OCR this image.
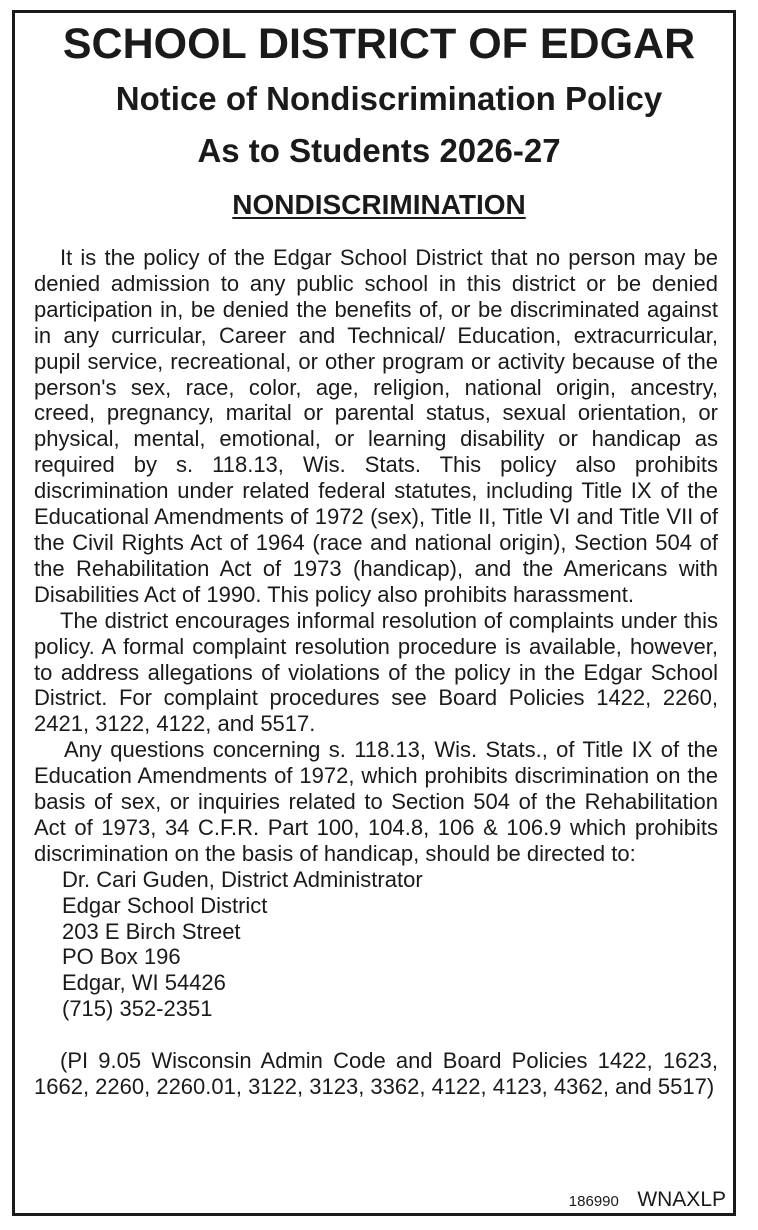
SCHOOL DISTRICT OF EDGAR
Notice of Nondiscrimination Policy
As to Students 2026-27
NONDISCRIMINATION

It is the policy of the Edgar School District that no person may be denied admission to any public school in this district or be denied participation in, be denied the benefits of, or be discriminated against in any curricular, Career and Technical/ Education, extracurricular, pupil service, recreational, or other program or activity because of the person's sex, race, color, age, religion, national origin, ancestry, creed, pregnancy, marital or parental status, sexual orientation, or physical, mental, emotional, or learning disability or handicap as required by s. 118.13, Wis. Stats. This policy also prohibits discrimination under related federal statutes, including Title IX of the Educational Amendments of 1972 (sex), Title II, Title VI and Title VII of the Civil Rights Act of 1964 (race and national origin), Section 504 of the Rehabilitation Act of 1973 (handicap), and the Americans with Disabilities Act of 1990. This policy also prohibits harassment.

The district encourages informal resolution of complaints under this policy. A formal complaint resolution procedure is available, however, to address allegations of violations of the policy in the Edgar School District. For complaint procedures see Board Policies 1422, 2260, 2421, 3122, 4122, and 5517.

Any questions concerning s. 118.13, Wis. Stats., of Title IX of the Education Amendments of 1972, which prohibits discrimination on the basis of sex, or inquiries related to Section 504 of the Rehabilitation Act of 1973, 34 C.F.R. Part 100, 104.8, 106 & 106.9 which prohibits discrimination on the basis of handicap, should be directed to:

Dr. Cari Guden, District Administrator
Edgar School District
203 E Birch Street
PO Box 196
Edgar, WI 54426
(715) 352-2351

(PI 9.05 Wisconsin Admin Code and Board Policies 1422, 1623, 1662, 2260, 2260.01, 3122, 3123, 3362, 4122, 4123, 4362, and 5517)

186990 WNAXLP
